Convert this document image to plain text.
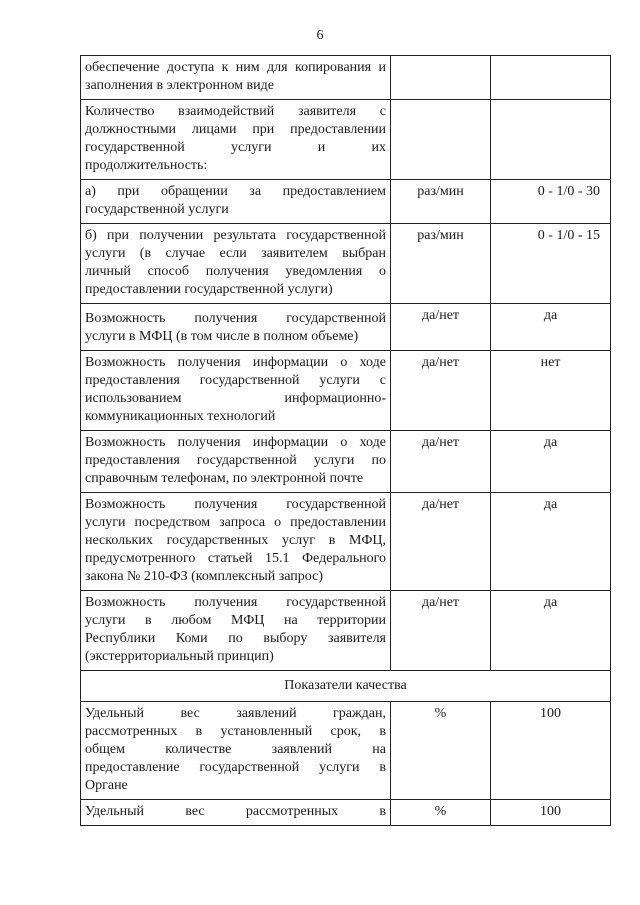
6
обеспечение доступа к ним для копирования и
заполнения в электронном виде		

Количество взаимодействий заявителя с
должностными лицами при предоставлении
государственной услуги и их
продолжительность:		

а) при обращении за предоставлением
государственной услуги	раз/мин	0 - 1/0 - 30

б) при получении результата государственной
услуги (в случае если заявителем выбран
личный способ получения уведомления о
предоставлении государственной услуги)	раз/мин	0 - 1/0 - 15

Возможность получения государственной
услуги в МФЦ (в том числе в полном объеме)	да/нет	да

Возможность получения информации о ходе
предоставления государственной услуги с
использованием информационно-
коммуникационных технологий	да/нет	нет

Возможность получения информации о ходе
предоставления государственной услуги по
справочным телефонам, по электронной почте	да/нет	да

Возможность получения государственной
услуги посредством запроса о предоставлении
нескольких государственных услуг в МФЦ,
предусмотренного статьей 15.1 Федерального
закона № 210-ФЗ (комплексный запрос)	да/нет	да

Возможность получения государственной
услуги в любом МФЦ на территории
Республики Коми по выбору заявителя
(экстерриториальный принцип)	да/нет	да
Показатели качества		

Удельный вес заявлений граждан,
рассмотренных в установленный срок, в
общем количестве заявлений на
предоставление государственной услуги в
Органе	%	100

Удельный вес рассмотренных в	%	100
